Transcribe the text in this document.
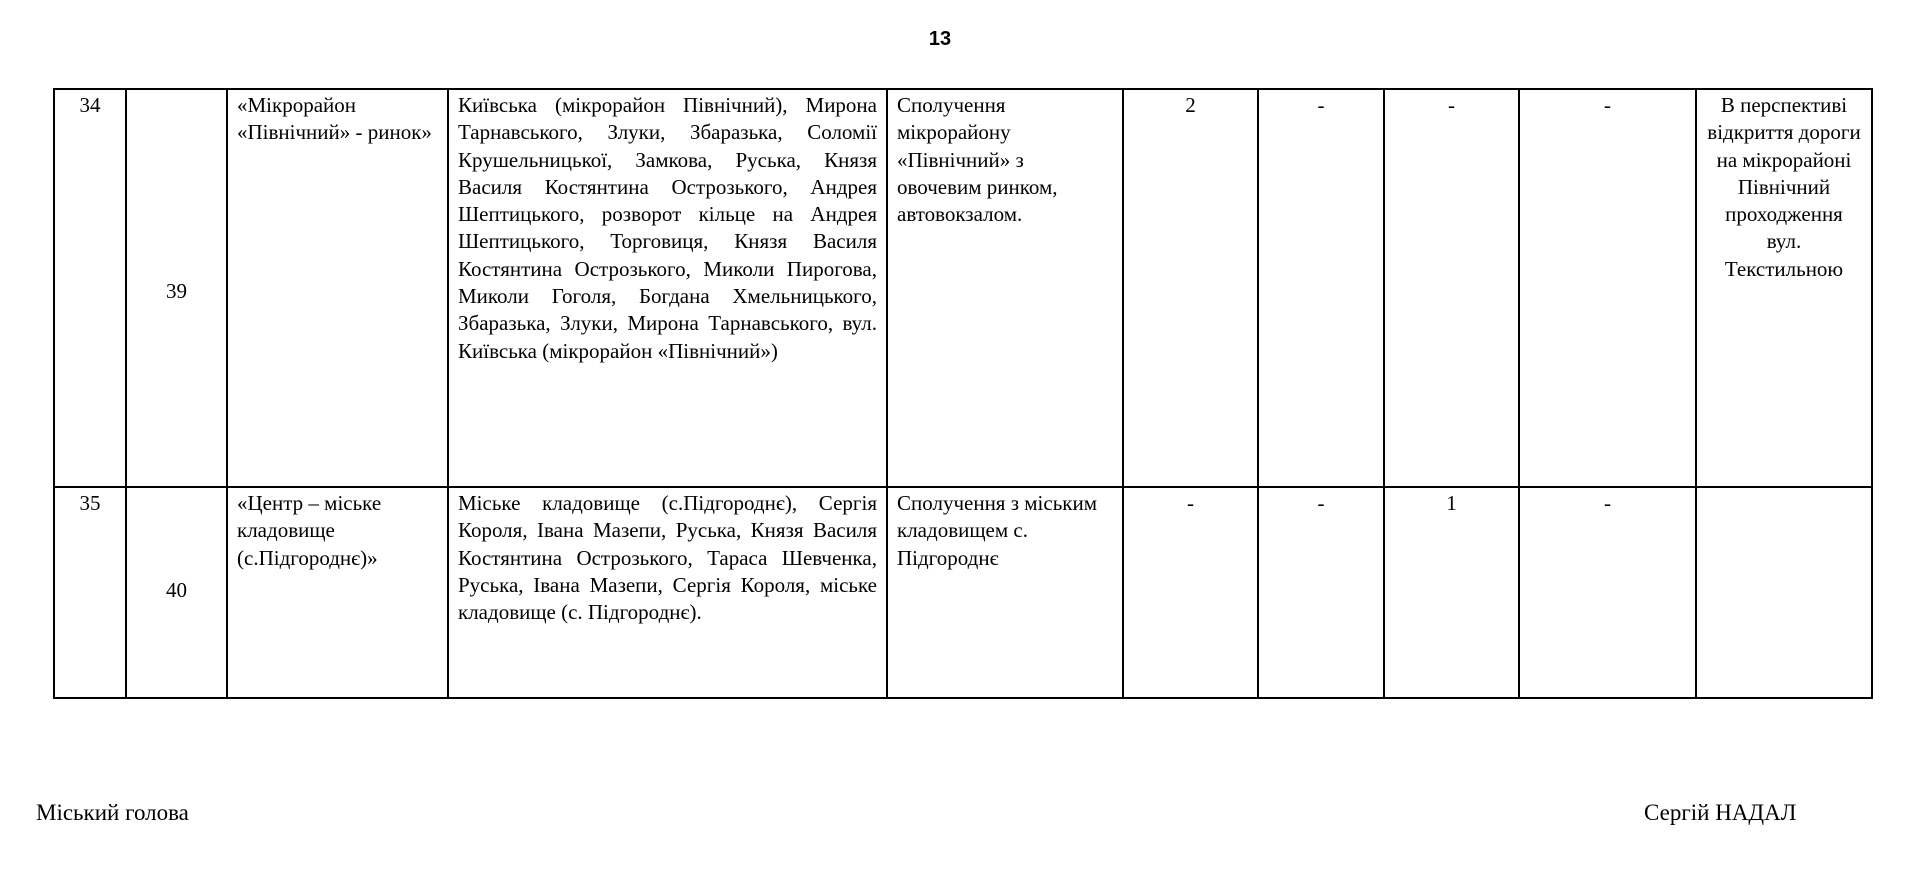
13
34	39	«Мікрорайон «Північний» - ринок»	Київська (мікрорайон Північний), Мирона Тарнавського, Злуки, Збаразька, Соломії Крушельницької, Замкова, Руська, Князя Василя Костянтина Острозького, Андрея Шептицького, розворот кільце на Андрея Шептицького, Торговиця, Князя Василя Костянтина Острозького, Миколи Пирогова, Миколи Гоголя, Богдана Хмельницького, Збаразька, Злуки, Мирона Тарнавського, вул. Київська (мікрорайон «Північний»)	Сполучення мікрорайону «Північний» з овочевим ринком, автовокзалом.	2	-	-	-	В перспективі відкриття дороги на мікрорайоні Північний проходження вул. Текстильною
35	40	«Центр – міське кладовище (с.Підгороднє)»	Міське кладовище (с.Підгороднє), Сергія Короля, Івана Мазепи, Руська, Князя Василя Костянтина Острозького, Тараса Шевченка, Руська, Івана Мазепи, Сергія Короля, міське кладовище (с. Підгороднє).	Сполучення з міським кладовищем с. Підгороднє	-	-	1	-	
Міський голова	Сергій НАДАЛ
